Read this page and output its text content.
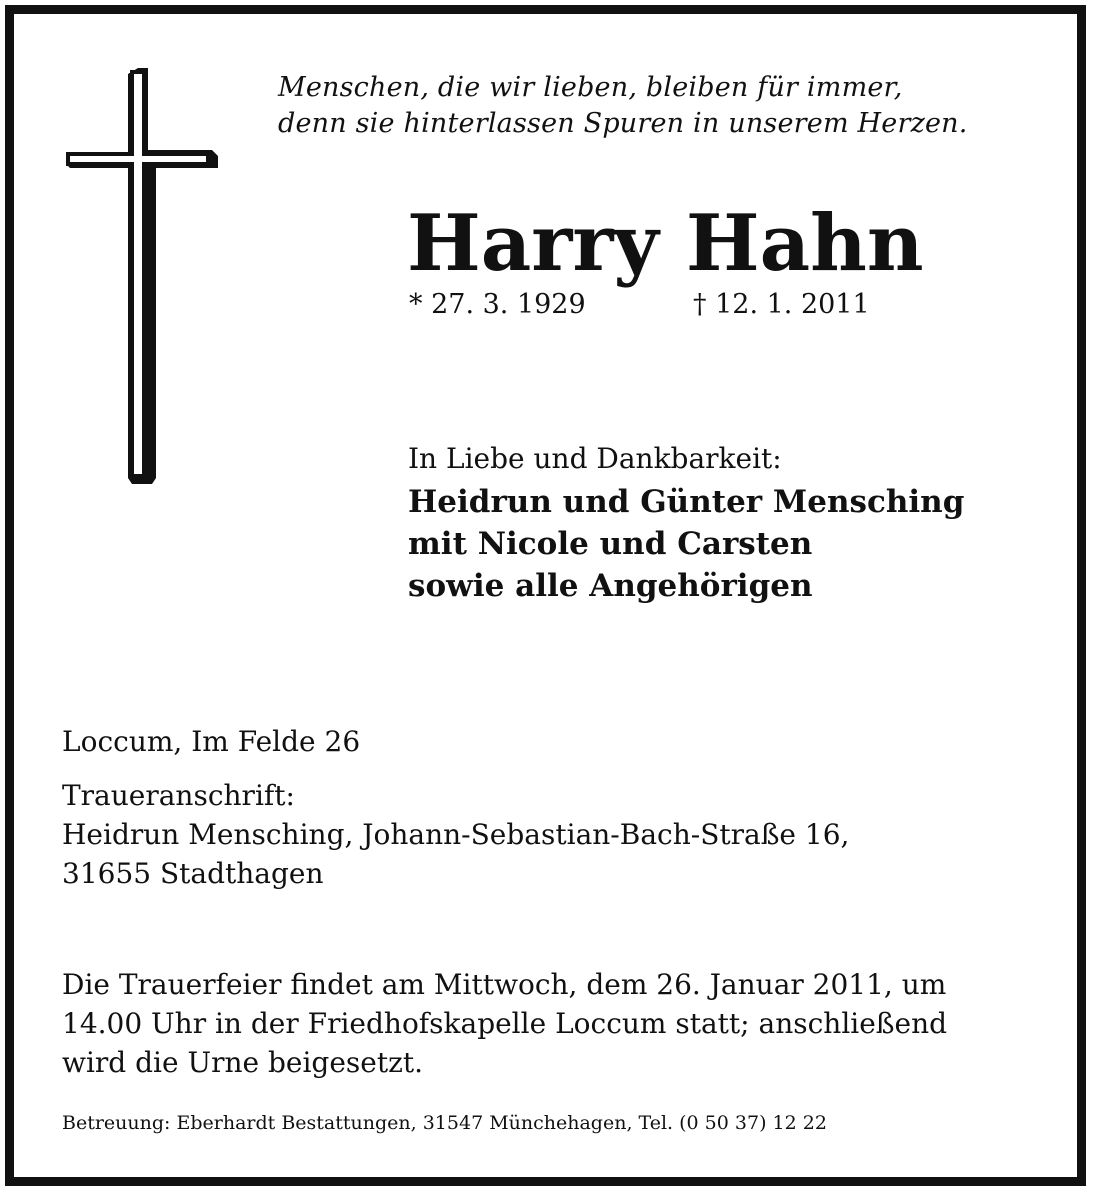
Menschen, die wir lieben, bleiben für immer,
denn sie hinterlassen Spuren in unserem Herzen.
Harry Hahn
* 27. 3. 1929	† 12. 1. 2011
In Liebe und Dankbarkeit:
Heidrun und Günter Mensching
mit Nicole und Carsten
sowie alle Angehörigen
Loccum, Im Felde 26
Traueranschrift:
Heidrun Mensching, Johann-Sebastian-Bach-Straße 16,
31655 Stadthagen
Die Trauerfeier findet am Mittwoch, dem 26. Januar 2011, um
14.00 Uhr in der Friedhofskapelle Loccum statt; anschließend
wird die Urne beigesetzt.
Betreuung: Eberhardt Bestattungen, 31547 Münchehagen, Tel. (0 50 37) 12 22
